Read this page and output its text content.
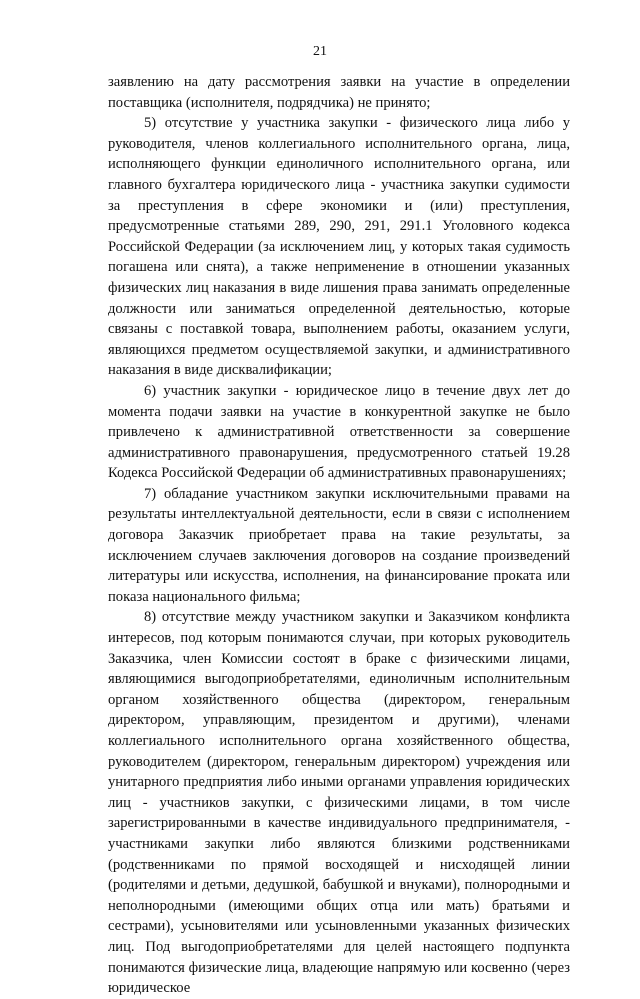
21

заявлению на дату рассмотрения заявки на участие в определении поставщика (исполнителя, подрядчика) не принято;

5) отсутствие у участника закупки - физического лица либо у руководителя, членов коллегиального исполнительного органа, лица, исполняющего функции единоличного исполнительного органа, или главного бухгалтера юридического лица - участника закупки судимости за преступления в сфере экономики и (или) преступления, предусмотренные статьями 289, 290, 291, 291.1 Уголовного кодекса Российской Федерации (за исключением лиц, у которых такая судимость погашена или снята), а также неприменение в отношении указанных физических лиц наказания в виде лишения права занимать определенные должности или заниматься определенной деятельностью, которые связаны с поставкой товара, выполнением работы, оказанием услуги, являющихся предметом осуществляемой закупки, и административного наказания в виде дисквалификации;

6) участник закупки - юридическое лицо в течение двух лет до момента подачи заявки на участие в конкурентной закупке не было привлечено к административной ответственности за совершение административного правонарушения, предусмотренного статьей 19.28 Кодекса Российской Федерации об административных правонарушениях;

7) обладание участником закупки исключительными правами на результаты интеллектуальной деятельности, если в связи с исполнением договора Заказчик приобретает права на такие результаты, за исключением случаев заключения договоров на создание произведений литературы или искусства, исполнения, на финансирование проката или показа национального фильма;

8) отсутствие между участником закупки и Заказчиком конфликта интересов, под которым понимаются случаи, при которых руководитель Заказчика, член Комиссии состоят в браке с физическими лицами, являющимися выгодоприобретателями, единоличным исполнительным органом хозяйственного общества (директором, генеральным директором, управляющим, президентом и другими), членами коллегиального исполнительного органа хозяйственного общества, руководителем (директором, генеральным директором) учреждения или унитарного предприятия либо иными органами управления юридических лиц - участников закупки, с физическими лицами, в том числе зарегистрированными в качестве индивидуального предпринимателя, - участниками закупки либо являются близкими родственниками (родственниками по прямой восходящей и нисходящей линии (родителями и детьми, дедушкой, бабушкой и внуками), полнородными и неполнородными (имеющими общих отца или мать) братьями и сестрами), усыновителями или усыновленными указанных физических лиц. Под выгодоприобретателями для целей настоящего подпункта понимаются физические лица, владеющие напрямую или косвенно (через юридическое
